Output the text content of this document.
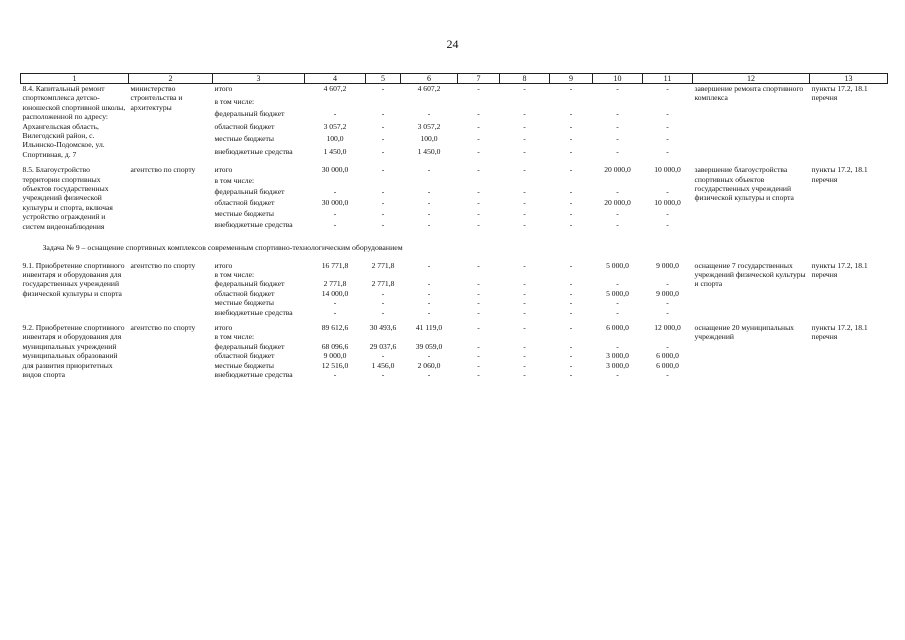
24
1	2	3	4	5	6	7	8	9	10	11	12	13
8.4. Капитальный ремонт спорткомплекса детско-юношеской спортивной школы, расположенной по адресу: Архангельская область, Вилегодский район, с. Ильинско-Подомское, ул. Спортивная, д. 7	министерство строительства и архитектуры	итого	4 607,2	-	4 607,2	-	-	-	-	-	завершение ремонта спортивного комплекса	пункты 17.2, 18.1 перечня
		в том числе:										
		федеральный бюджет	-	-	-	-	-	-	-	-		
		областной бюджет	3 057,2	-	3 057,2	-	-	-	-	-		
		местные бюджеты	100,0	-	100,0	-	-	-	-	-		
		внебюджетные средства	1 450,0	-	1 450,0	-	-	-	-	-		

8.5. Благоустройство территории спортивных объектов государственных учреждений физической культуры и спорта, включая устройство ограждений и систем видеонаблюдения	агентство по спорту	итого	30 000,0	-	-	-	-	-	20 000,0	10 000,0	завершение благоустройства спортивных объектов государственных учреждений физической культуры и спорта	пункты 17.2, 18.1 перечня
		в том числе:										
		федеральный бюджет	-	-	-	-	-	-	-	-		
		областной бюджет	30 000,0	-	-	-	-	-	20 000,0	10 000,0		
		местные бюджеты	-	-	-	-	-	-	-	-		
		внебюджетные средства	-	-	-	-	-	-	-	-		

Задача № 9 – оснащение спортивных комплексов современным спортивно-технологическим оборудованием												
9.1. Приобретение спортивного инвентаря и оборудования для государственных учреждений физической культуры и спорта	агентство по спорту	итого	16 771,8	2 771,8	-	-	-	-	5 000,0	9 000,0	оснащение 7 государственных учреждений физической культуры и спорта	пункты 17.2, 18.1 перечня
		в том числе:										
		федеральный бюджет	2 771,8	2 771,8	-	-	-	-	-	-		
		областной бюджет	14 000,0	-	-	-	-	-	5 000,0	9 000,0		
		местные бюджеты	-	-	-	-	-	-	-	-		
		внебюджетные средства	-	-	-	-	-	-	-	-		

9.2. Приобретение спортивного инвентаря и оборудования для муниципальных учреждений муниципальных образований для развития приоритетных видов спорта	агентство по спорту	итого	89 612,6	30 493,6	41 119,0	-	-	-	6 000,0	12 000,0	оснащение 20 муниципальных учреждений	пункты 17.2, 18.1 перечня
		в том числе:										
		федеральный бюджет	68 096,6	29 037,6	39 059,0	-	-	-	-	-		
		областной бюджет	9 000,0	-	-	-	-	-	3 000,0	6 000,0		
		местные бюджеты	12 516,0	1 456,0	2 060,0	-	-	-	3 000,0	6 000,0		
		внебюджетные средства	-	-	-	-	-	-	-	-		
